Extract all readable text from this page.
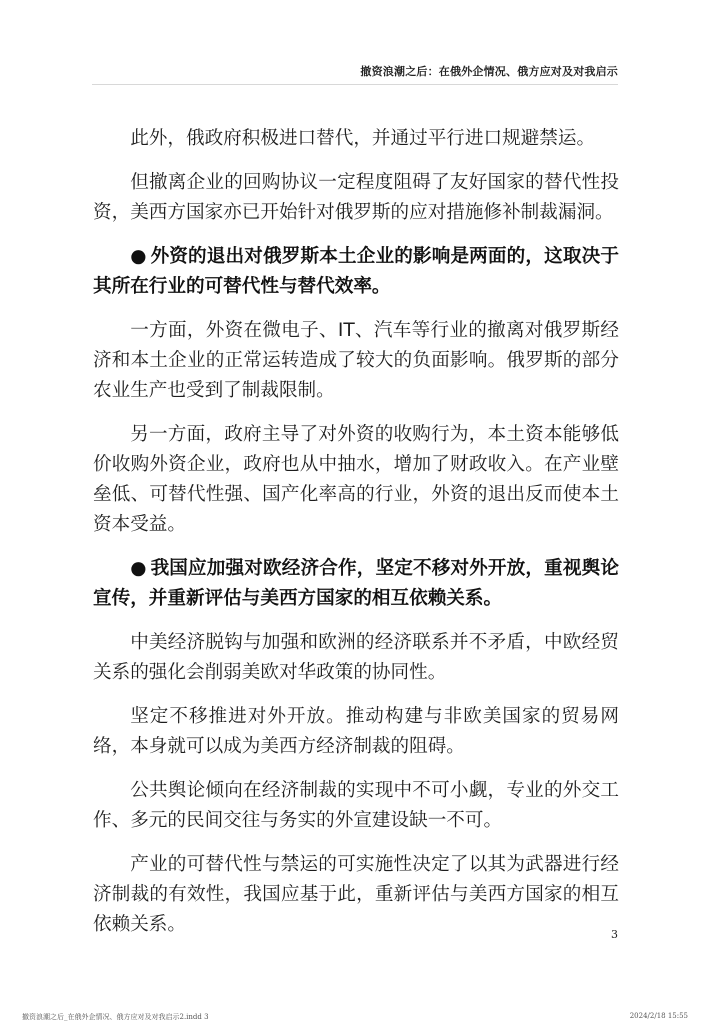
撤资浪潮之后：在俄外企情况、俄方应对及对我启示

此外，俄政府积极进口替代，并通过平行进口规避禁运。

但撤离企业的回购协议一定程度阻碍了友好国家的替代性投资，美西方国家亦已开始针对俄罗斯的应对措施修补制裁漏洞。

● 外资的退出对俄罗斯本土企业的影响是两面的，这取决于其所在行业的可替代性与替代效率。

一方面，外资在微电子、IT、汽车等行业的撤离对俄罗斯经济和本土企业的正常运转造成了较大的负面影响。俄罗斯的部分农业生产也受到了制裁限制。

另一方面，政府主导了对外资的收购行为，本土资本能够低价收购外资企业，政府也从中抽水，增加了财政收入。在产业壁垒低、可替代性强、国产化率高的行业，外资的退出反而使本土资本受益。

● 我国应加强对欧经济合作，坚定不移对外开放，重视舆论宣传，并重新评估与美西方国家的相互依赖关系。

中美经济脱钩与加强和欧洲的经济联系并不矛盾，中欧经贸关系的强化会削弱美欧对华政策的协同性。

坚定不移推进对外开放。推动构建与非欧美国家的贸易网络，本身就可以成为美西方经济制裁的阻碍。

公共舆论倾向在经济制裁的实现中不可小觑，专业的外交工作、多元的民间交往与务实的外宣建设缺一不可。

产业的可替代性与禁运的可实施性决定了以其为武器进行经济制裁的有效性，我国应基于此，重新评估与美西方国家的相互依赖关系。	3
撤资浪潮之后_在俄外企情况、俄方应对及对我启示2.indd 3	2024/2/18 15:55
